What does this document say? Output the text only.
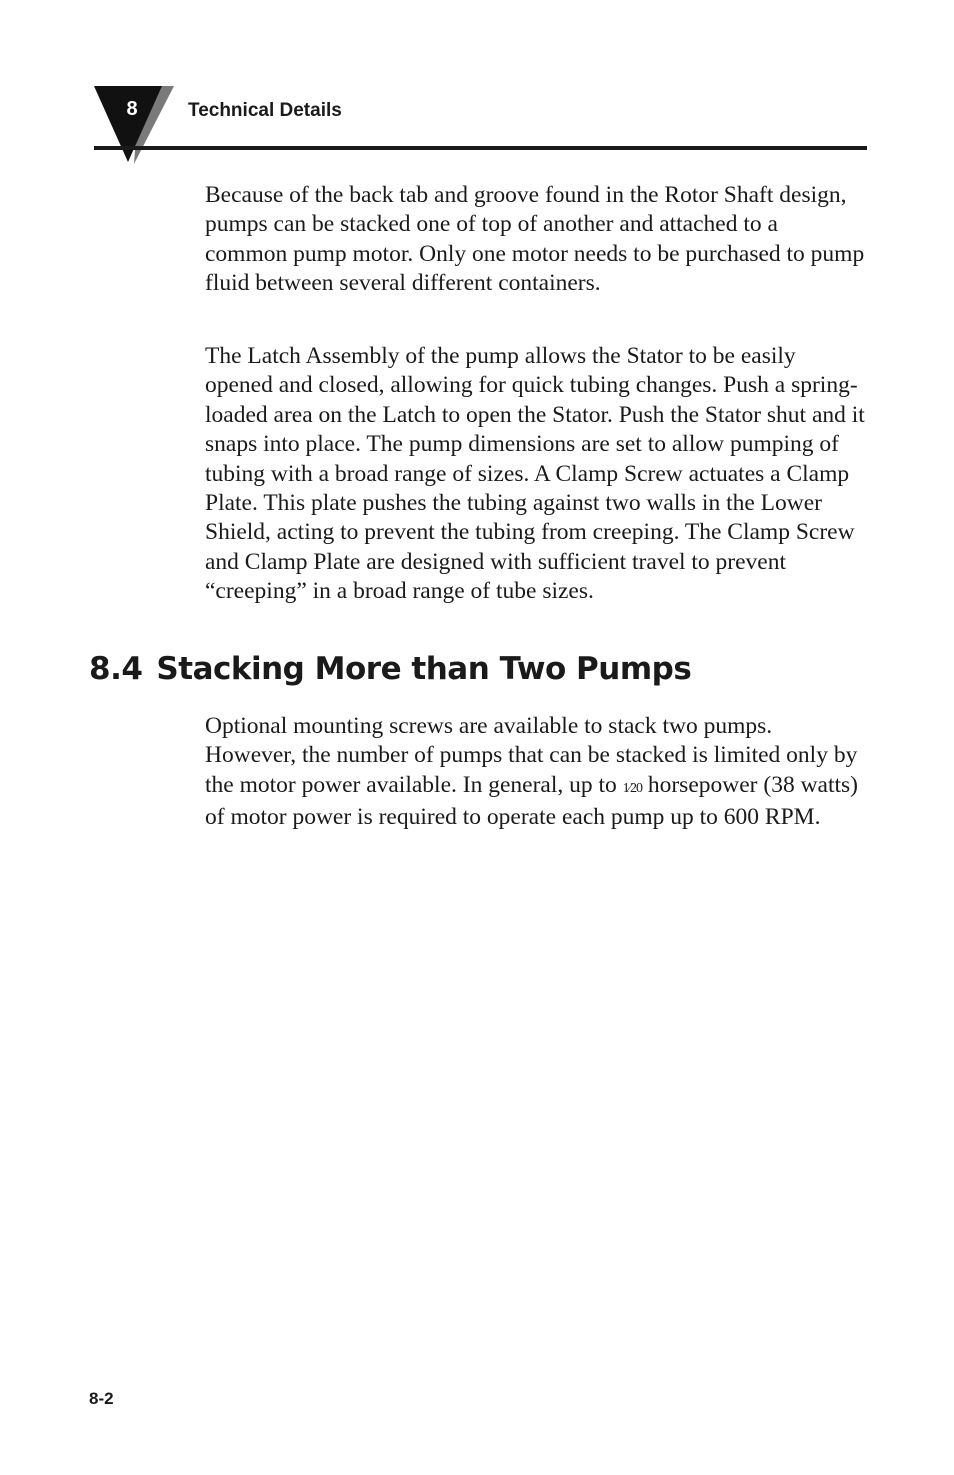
8	Technical Details

Because of the back tab and groove found in the Rotor Shaft design, pumps can be stacked one of top of another and attached to a common pump motor. Only one motor needs to be purchased to pump fluid between several different containers.

The Latch Assembly of the pump allows the Stator to be easily opened and closed, allowing for quick tubing changes. Push a spring-loaded area on the Latch to open the Stator. Push the Stator shut and it snaps into place. The pump dimensions are set to allow pumping of tubing with a broad range of sizes. A Clamp Screw actuates a Clamp Plate. This plate pushes the tubing against two walls in the Lower Shield, acting to prevent the tubing from creeping. The Clamp Screw and Clamp Plate are designed with sufficient travel to prevent “creeping” in a broad range of tube sizes.

8.4 Stacking More than Two Pumps

Optional mounting screws are available to stack two pumps. However, the number of pumps that can be stacked is limited only by the motor power available. In general, up to 1⁄20 horsepower (38 watts) of motor power is required to operate each pump up to 600 RPM.

8-2
